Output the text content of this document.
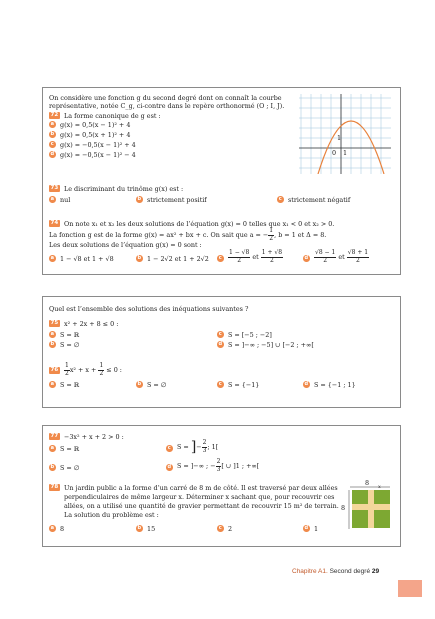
On considère une fonction g du second degré dont on connaît la courbe
représentative, notée C_g, ci-contre dans le repère orthonormé (O ; I, J).
72 La forme canonique de g est :
a g(x) = 0,5(x − 1)² + 4
b g(x) = 0,5(x + 1)² + 4
c g(x) = −0,5(x − 1)² + 4
d g(x) = −0,5(x − 1)² − 4	0 1
1
73 Le discriminant du trinôme g(x) est :
a nul	b strictement positif	c strictement négatif
74 On note x₁ et x₂ les deux solutions de l’équation g(x) = 0 telles que x₁ < 0 et x₂ > 0.
La fonction g est de la forme g(x) = ax² + bx + c. On sait que a = − $\frac{1}{2}$ , b = 1 et Δ = 8.
Les deux solutions de l’équation g(x) = 0 sont :
a 1 − √8 et 1 + √8	b 1 − 2√2 et 1 + 2√2	c $\frac{1 - √8}{2}$ et $\frac{1 + √8}{2}$	d $\frac{√8 - 1}{2}$ et $\frac{√8 + 1}{2}$
Quel est l’ensemble des solutions des inéquations suivantes ?
75 x² + 2x + 8 ≤ 0 :
a S = ℝ
b S = ∅
c S = [−5 ; −2]
d S = ]−∞ ; −5] ∪ [−2 ; +∞[
$76 \frac{1}{2} x^2 + x + \frac{1}{2} \le 0$ :
a S = ℝ	b S = ∅	c S = {−1}	d S = {−1 ; 1}
77 −3x² + x + 2 > 0 :
a S = ℝ
b S = ∅
c S = ]− $\frac{2}{3}$ ; 1[
d S = ]−∞ ; − $\frac{2}{3}$ [ ∪ ]1 ; +∞[
78 Un jardin public a la forme d’un carré de 8 m de côté. Il est traversé par deux allées
perpendiculaires de même largeur x. Déterminer x sachant que, pour recouvrir ces
allées, on a utilisé une quantité de gravier permettant de recouvrir 15 m² de terrain.
La solution du problème est :
a 8	b 15	c 2	d 1
8
8
x
Chapitre A1. Second degré 29
